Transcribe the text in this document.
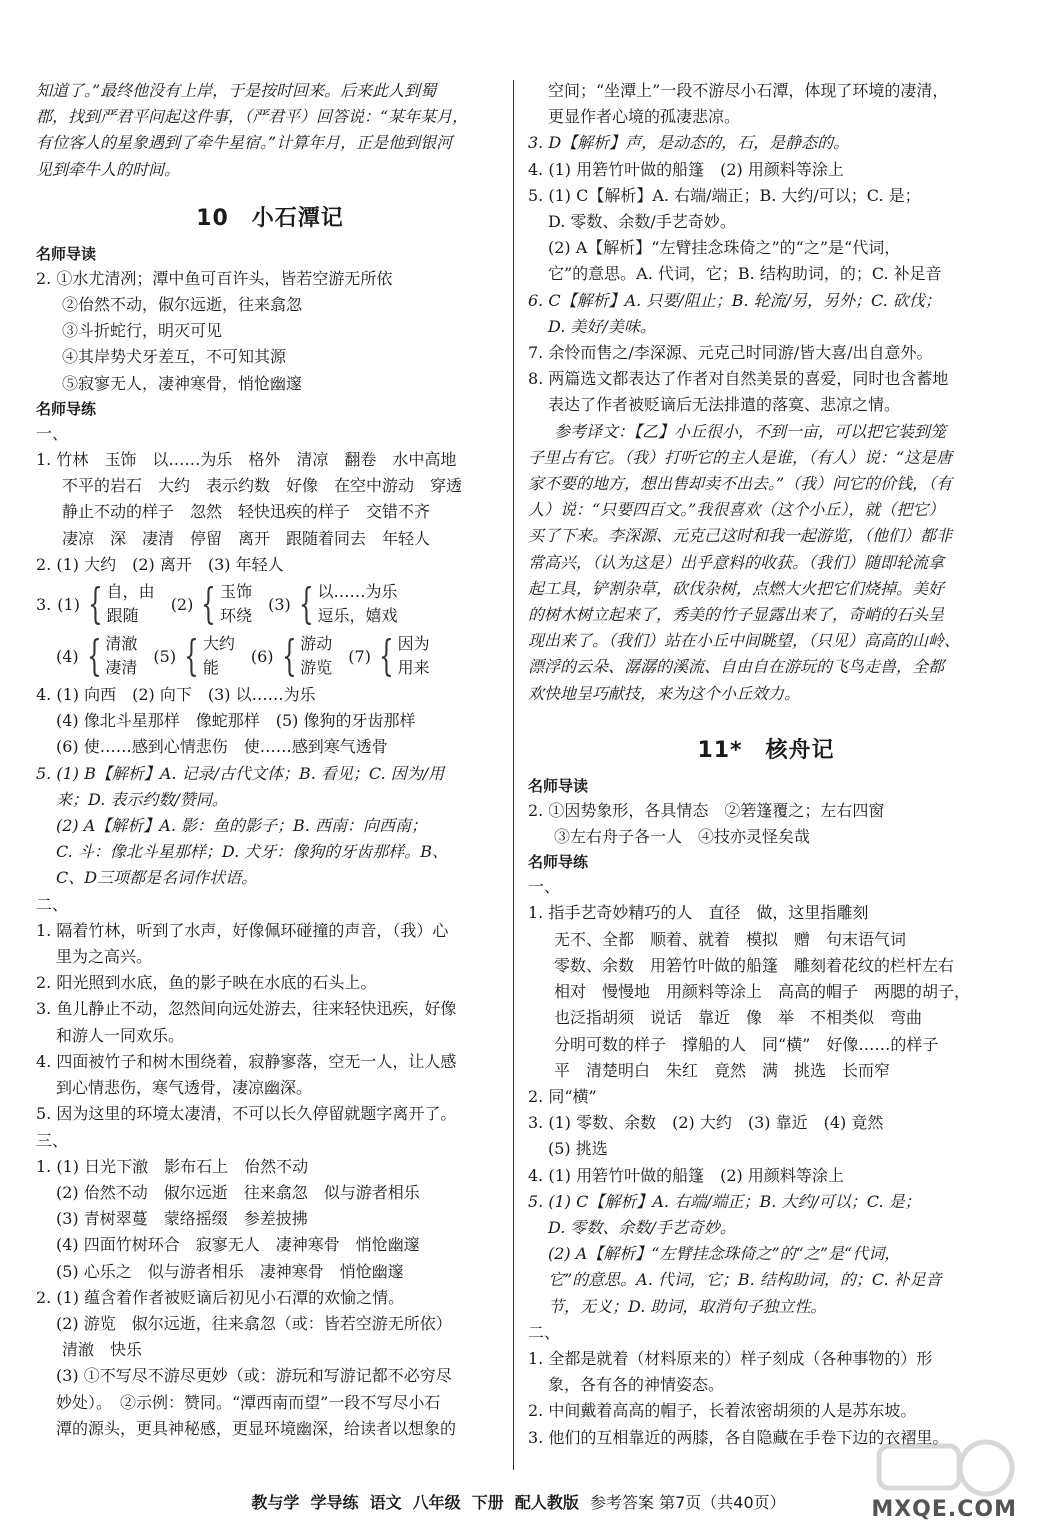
知道了。”最终他没有上岸，于是按时回来。后来此人到蜀
郡，找到严君平问起这件事，（严君平）回答说：“某年某月，
有位客人的星象遇到了牵牛星宿。”计算年月，正是他到银河
见到牵牛人的时间。
10　小石潭记
名师导读
2. ①水尤清冽；潭中鱼可百许头，皆若空游无所依
②佁然不动，俶尔远逝，往来翕忽
③斗折蛇行，明灭可见
④其岸势犬牙差互，不可知其源
⑤寂寥无人，凄神寒骨，悄怆幽邃
名师导练
一、
1. 竹林　玉饰　以……为乐　格外　清凉　翻卷　水中高地
不平的岩石　大约　表示约数　好像　在空中游动　穿透
静止不动的样子　忽然　轻快迅疾的样子　交错不齐
凄凉　深　凄清　停留　离开　跟随着同去　年轻人
2. (1) 大约　(2) 离开　(3) 年轻人
3. (1) { 自，由
跟随
(2) { 玉饰
环绕
(3) { 以……为乐
逗乐，嬉戏
(4) { 清澈
凄清
(5) { 大约
能
(6) { 游动
游览
(7) { 因为
用来
4. (1) 向西　(2) 向下　(3) 以……为乐
(4) 像北斗星那样　像蛇那样　(5) 像狗的牙齿那样
(6) 使……感到心情悲伤　使……感到寒气透骨
5. (1) B【解析】A. 记录/古代文体；B. 看见；C. 因为/用
来；D. 表示约数/赞同。
(2) A【解析】A. 影：鱼的影子；B. 西南：向西南；
C. 斗：像北斗星那样；D. 犬牙：像狗的牙齿那样。B、
C、D三项都是名词作状语。
二、
1. 隔着竹林，听到了水声，好像佩环碰撞的声音，（我）心
里为之高兴。
2. 阳光照到水底，鱼的影子映在水底的石头上。
3. 鱼儿静止不动，忽然间向远处游去，往来轻快迅疾，好像
和游人一同欢乐。
4. 四面被竹子和树木围绕着，寂静寥落，空无一人，让人感
到心情悲伤，寒气透骨，凄凉幽深。
5. 因为这里的环境太凄清，不可以长久停留就题字离开了。
三、
1. (1) 日光下澈　影布石上　佁然不动
(2) 佁然不动　俶尔远逝　往来翕忽　似与游者相乐
(3) 青树翠蔓　蒙络摇缀　参差披拂
(4) 四面竹树环合　寂寥无人　凄神寒骨　悄怆幽邃
(5) 心乐之　似与游者相乐　凄神寒骨　悄怆幽邃
2. (1) 蕴含着作者被贬谪后初见小石潭的欢愉之情。
(2) 游览　俶尔远逝，往来翕忽（或：皆若空游无所依）
清澈　快乐
(3) ①不写尽不游尽更妙（或：游玩和写游记都不必穷尽
妙处）。　②示例：赞同。“潭西南而望”一段不写尽小石
潭的源头，更具神秘感，更显环境幽深，给读者以想象的
空间；“坐潭上”一段不游尽小石潭，体现了环境的凄清，
更显作者心境的孤凄悲凉。
3. D【解析】声，是动态的，石，是静态的。
4. (1) 用箬竹叶做的船篷　(2) 用颜料等涂上
5. (1) C【解析】A. 右端/端正；B. 大约/可以；C. 是；
D. 零数、余数/手艺奇妙。
(2) A【解析】“左臂挂念珠倚之”的“之”是“代词，
它”的意思。A. 代词，它；B. 结构助词，的；C. 补足音
6. C【解析】A. 只要/阻止；B. 轮流/另，另外；C. 砍伐；
D. 美好/美味。
7. 余怜而售之/李深源、元克己时同游/皆大喜/出自意外。
8. 两篇选文都表达了作者对自然美景的喜爱，同时也含蓄地
表达了作者被贬谪后无法排遣的落寞、悲凉之情。
参考译文：【乙】小丘很小，不到一亩，可以把它装到笼
子里占有它。（我）打听它的主人是谁，（有人）说：“这是唐
家不要的地方，想出售却卖不出去。”（我）问它的价钱，（有
人）说：“只要四百文。”我很喜欢（这个小丘），就（把它）
买了下来。李深源、元克己这时和我一起游览，（他们）都非
常高兴，（认为这是）出乎意料的收获。（我们）随即轮流拿
起工具，铲割杂草，砍伐杂树，点燃大火把它们烧掉。美好
的树木树立起来了，秀美的竹子显露出来了，奇峭的石头呈
现出来了。（我们）站在小丘中间眺望，（只见）高高的山岭、
漂浮的云朵、潺潺的溪流、自由自在游玩的飞鸟走兽，全都
欢快地呈巧献技，来为这个小丘效力。
11*　核舟记
名师导读
2. ①因势象形，各具情态　②箬篷覆之；左右四窗
③左右舟子各一人　④技亦灵怪矣哉
名师导练
一、
1. 指手艺奇妙精巧的人　直径　做，这里指雕刻
无不、全都　顺着、就着　模拟　赠　句末语气词
零数、余数　用箬竹叶做的船篷　雕刻着花纹的栏杆左右
相对　慢慢地　用颜料等涂上　高高的帽子　两腮的胡子，
也泛指胡须　说话　靠近　像　举　不相类似　弯曲
分明可数的样子　撑船的人　同“横”　好像……的样子
平　清楚明白　朱红　竟然　满　挑选　长而窄
2. 同“横”
3. (1) 零数、余数　(2) 大约　(3) 靠近　(4) 竟然
(5) 挑选
4. (1) 用箬竹叶做的船篷　(2) 用颜料等涂上
5. (1) C【解析】A. 右端/端正；B. 大约/可以；C. 是；
D. 零数、余数/手艺奇妙。
(2) A【解析】“左臂挂念珠倚之”的“之”是“代词，
它”的意思。A. 代词，它；B. 结构助词，的；C. 补足音
节，无义；D. 助词，取消句子独立性。
二、
1. 全都是就着（材料原来的）样子刻成（各种事物的）形
象，各有各的神情姿态。
2. 中间戴着高高的帽子，长着浓密胡须的人是苏东坡。
3. 他们的互相靠近的两膝，各自隐藏在手卷下边的衣褶里。
教与学 学导练 语文 八年级 下册 配人教版 参考答案 第7页（共40页）	MXQE.COM
